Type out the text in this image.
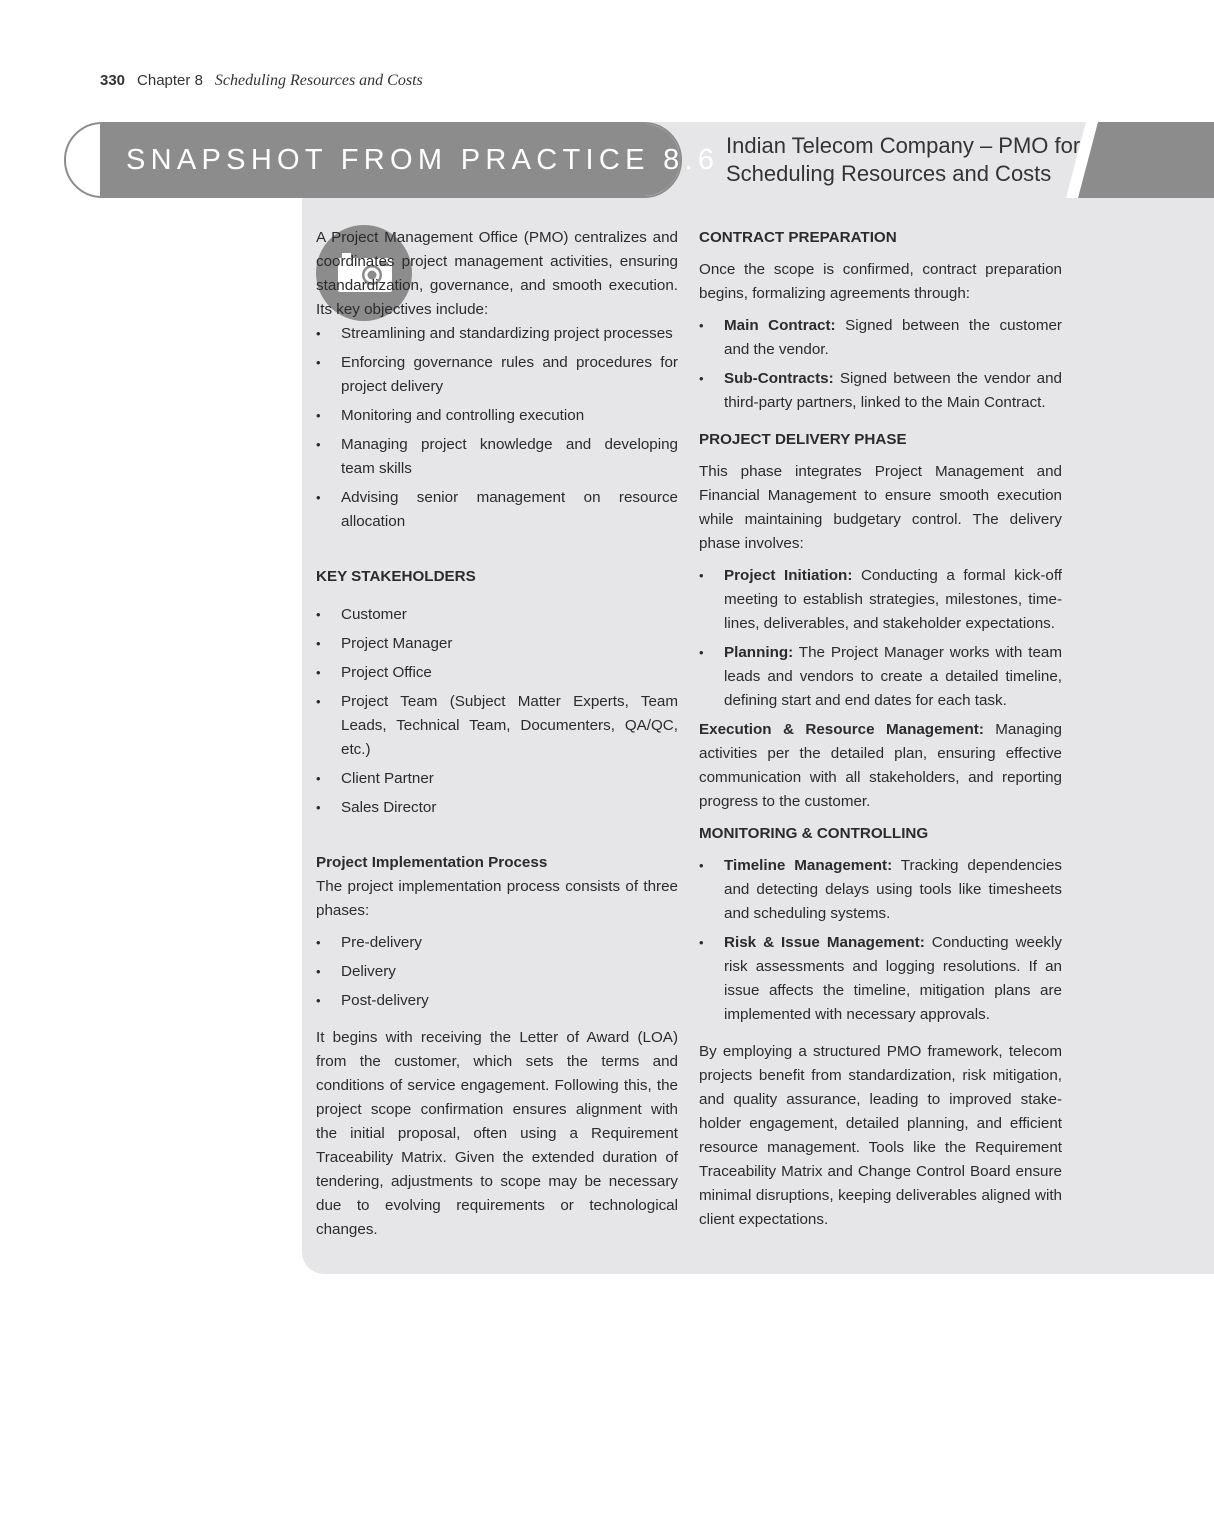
330 Chapter 8 Scheduling Resources and Costs
SNAPSHOT FROM PRACTICE 8.6 Indian Telecom Company – PMO for
Scheduling Resources and Costs

A Project Management Office (PMO) centralizes and coordinates project management activities, ensuring standardization, governance, and smooth execution. Its key objectives include:

• Streamlining and standardizing project processes
• Enforcing governance rules and procedures for project delivery
• Monitoring and controlling execution
• Managing project knowledge and developing team skills
• Advising senior management on resource allocation

KEY STAKEHOLDERS

• Customer
• Project Manager
• Project Office
• Project Team (Subject Matter Experts, Team Leads, Technical Team, Documenters, QA/QC, etc.)
• Client Partner
• Sales Director

Project Implementation Process

The project implementation process consists of three phases:

• Pre-delivery
• Delivery
• Post-delivery

It begins with receiving the Letter of Award (LOA) from the customer, which sets the terms and conditions of service engagement. Following this, the project scope confirmation ensures alignment with the initial proposal, often using a Requirement Traceability Matrix. Given the extended duration of tendering, adjustments to scope may be necessary due to evolving requirements or technological changes.

CONTRACT PREPARATION

Once the scope is confirmed, contract preparation begins, formalizing agreements through:

• Main Contract: Signed between the customer and the vendor.
• Sub-Contracts: Signed between the vendor and third-party partners, linked to the Main Contract.

PROJECT DELIVERY PHASE

This phase integrates Project Management and Financial Management to ensure smooth execution while maintaining budgetary control. The delivery phase involves:

• Project Initiation: Conducting a formal kick-off meeting to establish strategies, milestones, timelines, deliverables, and stakeholder expectations.
• Planning: The Project Manager works with team leads and vendors to create a detailed timeline, defining start and end dates for each task.

Execution & Resource Management: Managing activities per the detailed plan, ensuring effective communication with all stakeholders, and reporting progress to the customer.

MONITORING & CONTROLLING

• Timeline Management: Tracking dependencies and detecting delays using tools like timesheets and scheduling systems.
• Risk & Issue Management: Conducting weekly risk assessments and logging resolutions. If an issue affects the timeline, mitigation plans are implemented with necessary approvals.

By employing a structured PMO framework, telecom projects benefit from standardization, risk mitigation, and quality assurance, leading to improved stakeholder engagement, detailed planning, and efficient resource management. Tools like the Requirement Traceability Matrix and Change Control Board ensure minimal disruptions, keeping deliverables aligned with client expectations.
